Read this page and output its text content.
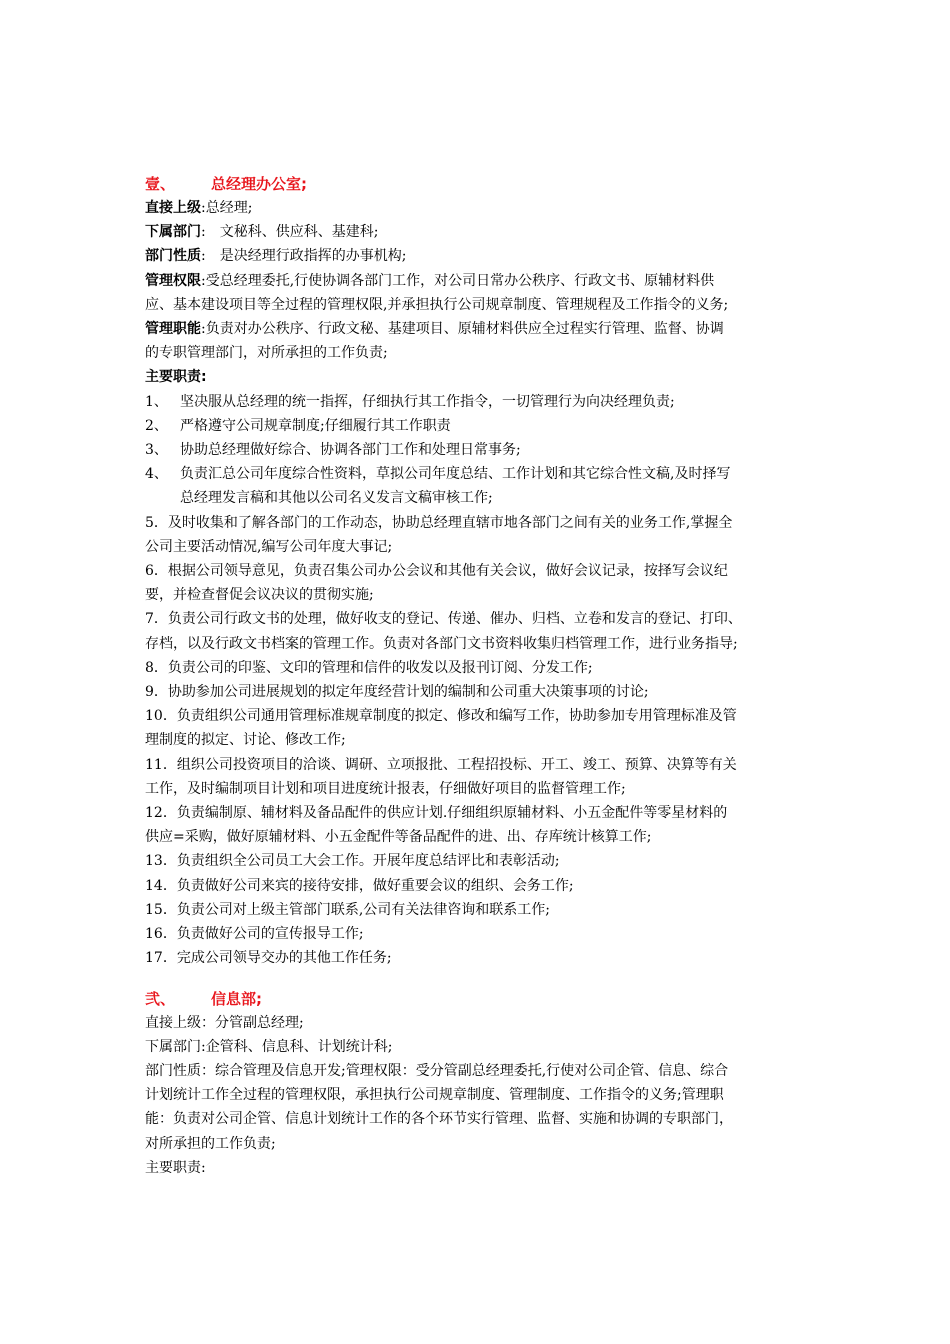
壹、 总经理办公室;
直接上级:总经理;
下属部门:　文秘科、供应科、基建科;
部门性质:　是决经理行政指挥的办事机构;
管理权限:受总经理委托,行使协调各部门工作，对公司日常办公秩序、行政文书、原辅材料供
应、基本建设项目等全过程的管理权限,并承担执行公司规章制度、管理规程及工作指令的义务;
管理职能:负责对办公秩序、行政文秘、基建项目、原辅材料供应全过程实行管理、监督、协调
的专职管理部门，对所承担的工作负责;
主要职责:
1、 坚决服从总经理的统一指挥，仔细执行其工作指令，一切管理行为向决经理负责;
2、 严格遵守公司规章制度;仔细履行其工作职责
3、 协助总经理做好综合、协调各部门工作和处理日常事务;
4、 负责汇总公司年度综合性资料，草拟公司年度总结、工作计划和其它综合性文稿,及时择写
总经理发言稿和其他以公司名义发言文稿审核工作;
5．及时收集和了解各部门的工作动态，协助总经理直辖市地各部门之间有关的业务工作,掌握全
公司主要活动情况,编写公司年度大事记;
6．根据公司领导意见，负责召集公司办公会议和其他有关会议，做好会议记录，按择写会议纪
要，并检查督促会议决议的贯彻实施;
7．负责公司行政文书的处理，做好收支的登记、传递、催办、归档、立卷和发言的登记、打印、
存档，以及行政文书档案的管理工作。负责对各部门文书资料收集归档管理工作，进行业务指导;
8．负责公司的印鉴、文印的管理和信件的收发以及报刊订阅、分发工作;
9．协助参加公司进展规划的拟定年度经营计划的编制和公司重大决策事项的讨论;
10．负责组织公司通用管理标准规章制度的拟定、修改和编写工作，协助参加专用管理标准及管
理制度的拟定、讨论、修改工作;
11．组织公司投资项目的洽谈、调研、立项报批、工程招投标、开工、竣工、预算、决算等有关
工作，及时编制项目计划和项目进度统计报表，仔细做好项目的监督管理工作;
12．负责编制原、辅材料及备品配件的供应计划.仔细组织原辅材料、小五金配件等零星材料的
供应=采购，做好原辅材料、小五金配件等备品配件的进、出、存库统计核算工作;
13．负责组织全公司员工大会工作。开展年度总结评比和表彰活动;
14．负责做好公司来宾的接待安排，做好重要会议的组织、会务工作;
15．负责公司对上级主管部门联系,公司有关法律咨询和联系工作;
16．负责做好公司的宣传报导工作;
17．完成公司领导交办的其他工作任务;
弐、 信息部;
直接上级：分管副总经理;
下属部门:企管科、信息科、计划统计科;
部门性质：综合管理及信息开发;管理权限：受分管副总经理委托,行使对公司企管、信息、综合
计划统计工作全过程的管理权限，承担执行公司规章制度、管理制度、工作指令的义务;管理职
能：负责对公司企管、信息计划统计工作的各个环节实行管理、监督、实施和协调的专职部门，
对所承担的工作负责;
主要职责:
